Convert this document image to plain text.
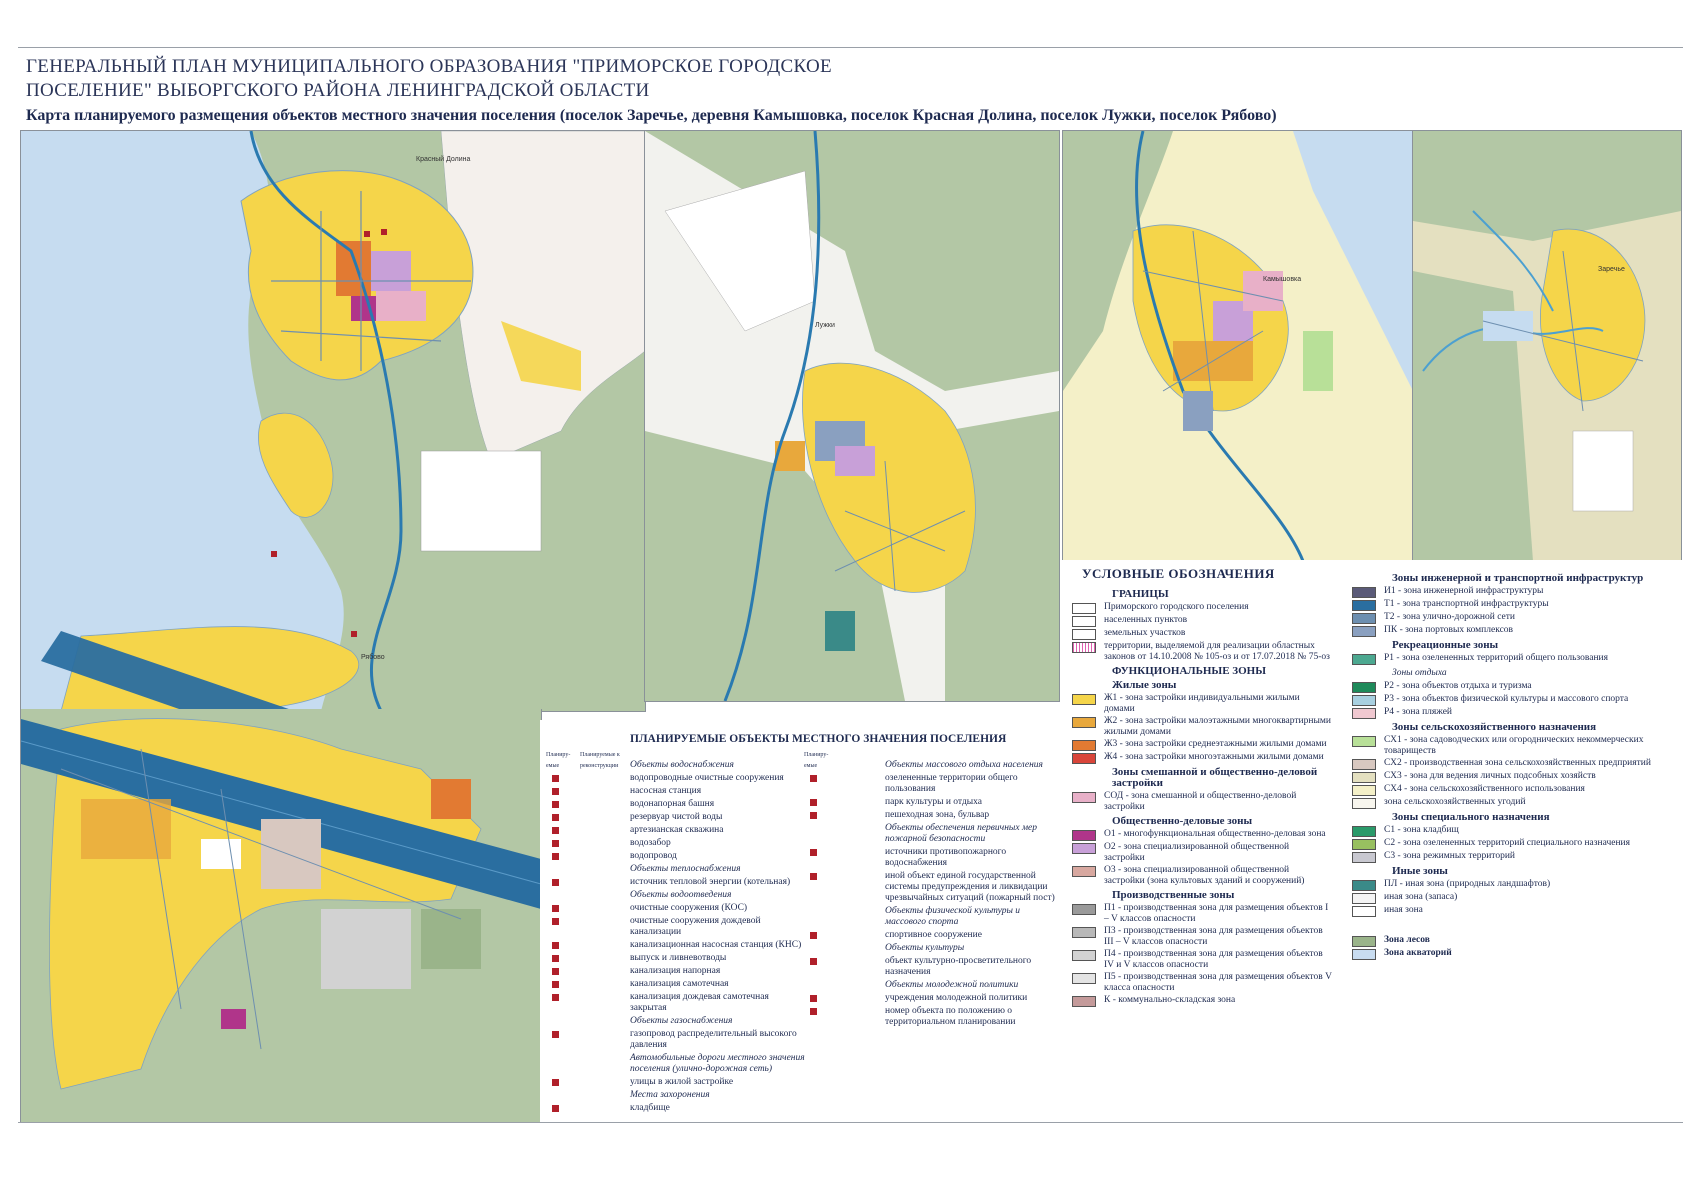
ГЕНЕРАЛЬНЫЙ ПЛАН МУНИЦИПАЛЬНОГО ОБРАЗОВАНИЯ "ПРИМОРСКОЕ ГОРОДСКОЕ
ПОСЕЛЕНИЕ" ВЫБОРГСКОГО РАЙОНА ЛЕНИНГРАДСКОЙ ОБЛАСТИ
Карта планируемого размещения объектов местного значения поселения (поселок Заречье, деревня Камышовка, поселок Красная Долина, поселок Лужки, поселок Рябово)
Красный Долина
Рябово
Лужки
Камышовка
Заречье
ПЛАНИРУЕМЫЕ ОБЪЕКТЫ МЕСТНОГО ЗНАЧЕНИЯ ПОСЕЛЕНИЯ
Планиру-емые
Планируемые к реконструкции
Планиру-емые
Объекты водоснабжения
водопроводные очистные сооружения
насосная станция
водонапорная башня
резервуар чистой воды
артезианская скважина
водозабор
водопровод
Объекты теплоснабжения
источник тепловой энергии (котельная)
Объекты водоотведения
очистные сооружения (КОС)
очистные сооружения дождевой канализации
канализационная насосная станция (КНС)
выпуск и ливневотводы
канализация напорная
канализация самотечная
канализация дождевая самотечная закрытая
Объекты газоснабжения
газопровод распределительный высокого давления
Автомобильные дороги местного значения поселения (улично-дорожная сеть)
улицы в жилой застройке
Места захоронения
кладбище
Объекты массового отдыха населения
озелененные территории общего пользования
парк культуры и отдыха
пешеходная зона, бульвар
Объекты обеспечения первичных мер пожарной безопасности
источники противопожарного водоснабжения
иной объект единой государственной системы предупреждения и ликвидации чрезвычайных ситуаций (пожарный пост)
Объекты физической культуры и массового спорта
спортивное сооружение
Объекты культуры
объект культурно-просветительного назначения
Объекты молодежной политики
учреждения молодежной политики
номер объекта по положению о территориальном планировании
УСЛОВНЫЕ ОБОЗНАЧЕНИЯ
ГРАНИЦЫ
Приморского городского поселения
населенных пунктов
земельных участков
территории, выделяемой для реализации областных законов от 14.10.2008 № 105-оз и от 17.07.2018 № 75-оз
ФУНКЦИОНАЛЬНЫЕ ЗОНЫ
Жилые зоны
Ж1 - зона застройки индивидуальными жилыми домами
Ж2 - зона застройки малоэтажными многоквартирными жилыми домами
Ж3 - зона застройки среднеэтажными жилыми домами
Ж4 - зона застройки многоэтажными жилыми домами
Зоны смешанной и общественно-деловой застройки
СОД - зона смешанной и общественно-деловой застройки
Общественно-деловые зоны
О1 - многофункциональная общественно-деловая зона
О2 - зона специализированной общественной застройки
О3 - зона специализированной общественной застройки (зона культовых зданий и сооружений)
Производственные зоны
П1 - производственная зона для размещения объектов I – V классов опасности
П3 - производственная зона для размещения объектов III – V классов опасности
П4 - производственная зона для размещения объектов IV и V классов опасности
П5 - производственная зона для размещения объектов V класса опасности
К - коммунально-складская зона
Зоны инженерной и транспортной инфраструктур
И1 - зона инженерной инфраструктуры
Т1 - зона транспортной инфраструктуры
Т2 - зона улично-дорожной сети
ПК - зона портовых комплексов
Рекреационные зоны
Р1 - зона озелененных территорий общего пользования
Зоны отдыха
Р2 - зона объектов отдыха и туризма
Р3 - зона объектов физической культуры и массового спорта
Р4 - зона пляжей
Зоны сельскохозяйственного назначения
СХ1 - зона садоводческих или огороднических некоммерческих товариществ
СХ2 - производственная зона сельскохозяйственных предприятий
СХ3 - зона для ведения личных подсобных хозяйств
СХ4 - зона сельскохозяйственного использования
зона сельскохозяйственных угодий
Зоны специального назначения
С1 - зона кладбищ
С2 - зона озелененных территорий специального назначения
С3 - зона режимных территорий
Иные зоны
ПЛ - иная зона (природных ландшафтов)
иная зона (запаса)
иная зона
Зона лесов
Зона акваторий
